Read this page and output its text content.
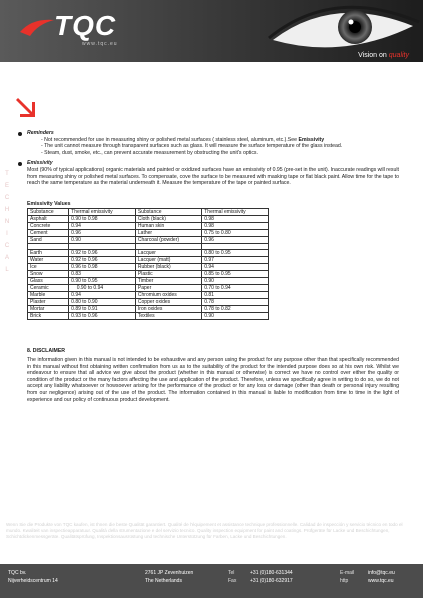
TQC
www.tqc.eu
Vision on quality
T
E
C
H
N
I
C
A
L
Reminders
- Not recommended for use in measuring shiny or polished metal surfaces ( stainless steel, aluminum, etc.).See Emissivity
- The unit cannot measure through transparent surfaces such as glass. It will measure the surface temperature of the glass instead.
- Steam, dust, smoke, etc., can prevent accurate measurement by obstructing the unit's optics.
Emissivity
Most (90% of typical applications) organic materials and painted or oxidized surfaces have an emissivity of 0.95 (pre-set in the unit). Inaccurate readings will result from measuring shiny or polished metal surfaces. To compensate, cove the surface to be measured with masking tape or flat black paint. Allow time for the tape to reach the same temperature as the material underneath it. Measure the temperature of the tape or painted surface.
Emissivity Values
Substance	Thermal emissivity	Substance	Thermal emissivity
Asphalt	0.90 to 0.98	Cloth (black)	0.98
Concrete	0.94	Human skin	0.98
Cement	0.96	Lather	0.75 to 0.80
Sand	0.90	Charcoal (powder)	0.96

Earth	0.92 to 0.96	Lacquer	0.80 to 0.95
Water	0.92 to 0.96	Lacquer (matt)	0.97
Ice	0.96 to 0.98	Rubber (black)	0.94
Snow	0.83	Plastic	0.85 to 0.95
Glass	0.90 to 0.95	Timber	0.90
Ceramic	0.90 to 0.94	Paper	0.70 to 0.94
Marble	0.94	Chromium oxides	0.81
Plaster	0.80 to 0.90	Copper oxides	0.78
Mortar	0.89 to 0.91	Iron oxides	0.78 to 0.82
Brick	0.93 to 0.96	Textiles	0.90
8. DISCLAIMER
The information given in this manual is not intended to be exhaustive and any person using the product for any purpose other than that specifically recommended in this manual without first obtaining written confirmation from us as to the suitability of the product for the intended purpose does so at his own risk. Whilst we endeavour to ensure that all advice we give about the product (whether in this manual or otherwise) is correct we have no control over either the quality or condition of the product or the many factors affecting the use and application of the product. Therefore, unless we specifically agree in writing to do so, we do not accept any liability whatsoever or howsoever arising for the performance of the product or for any loss or damage (other than death or personal injury resulting from our negligence) arising out of the use of the product. The information contained in this manual is liable to modification from time to time in the light of experience and our policy of continuous product development.
Wenn Sie die Produkte von TQC kaufen, ist Ihnen die beste Qualität garantiert. Qualité de l'équipement et assistance technique professionnelle. Calidad de inspección y servicio técnico en todo el mundo. Kwaliteit van inspectieapparatuur. Qualità della strumentazione e del servizio tecnico. Quality inspection equipment for paint and coatings. Prüfgeräte für Lacke und Beschichtungen, Schichtdickenmessgeräte. Qualitätsprüfung, Inspektionsausrüstung und technische Unterstützung für Farben, Lacke und Beschichtungen.
TQC bv.
Nijverheidscentrum 14
2761 JP Zevenhuizen
The Netherlands
Tel
Fax
+31 (0)180-631344
+31 (0)180-632917
E-mail
http
info@tqc.eu
www.tqc.eu
